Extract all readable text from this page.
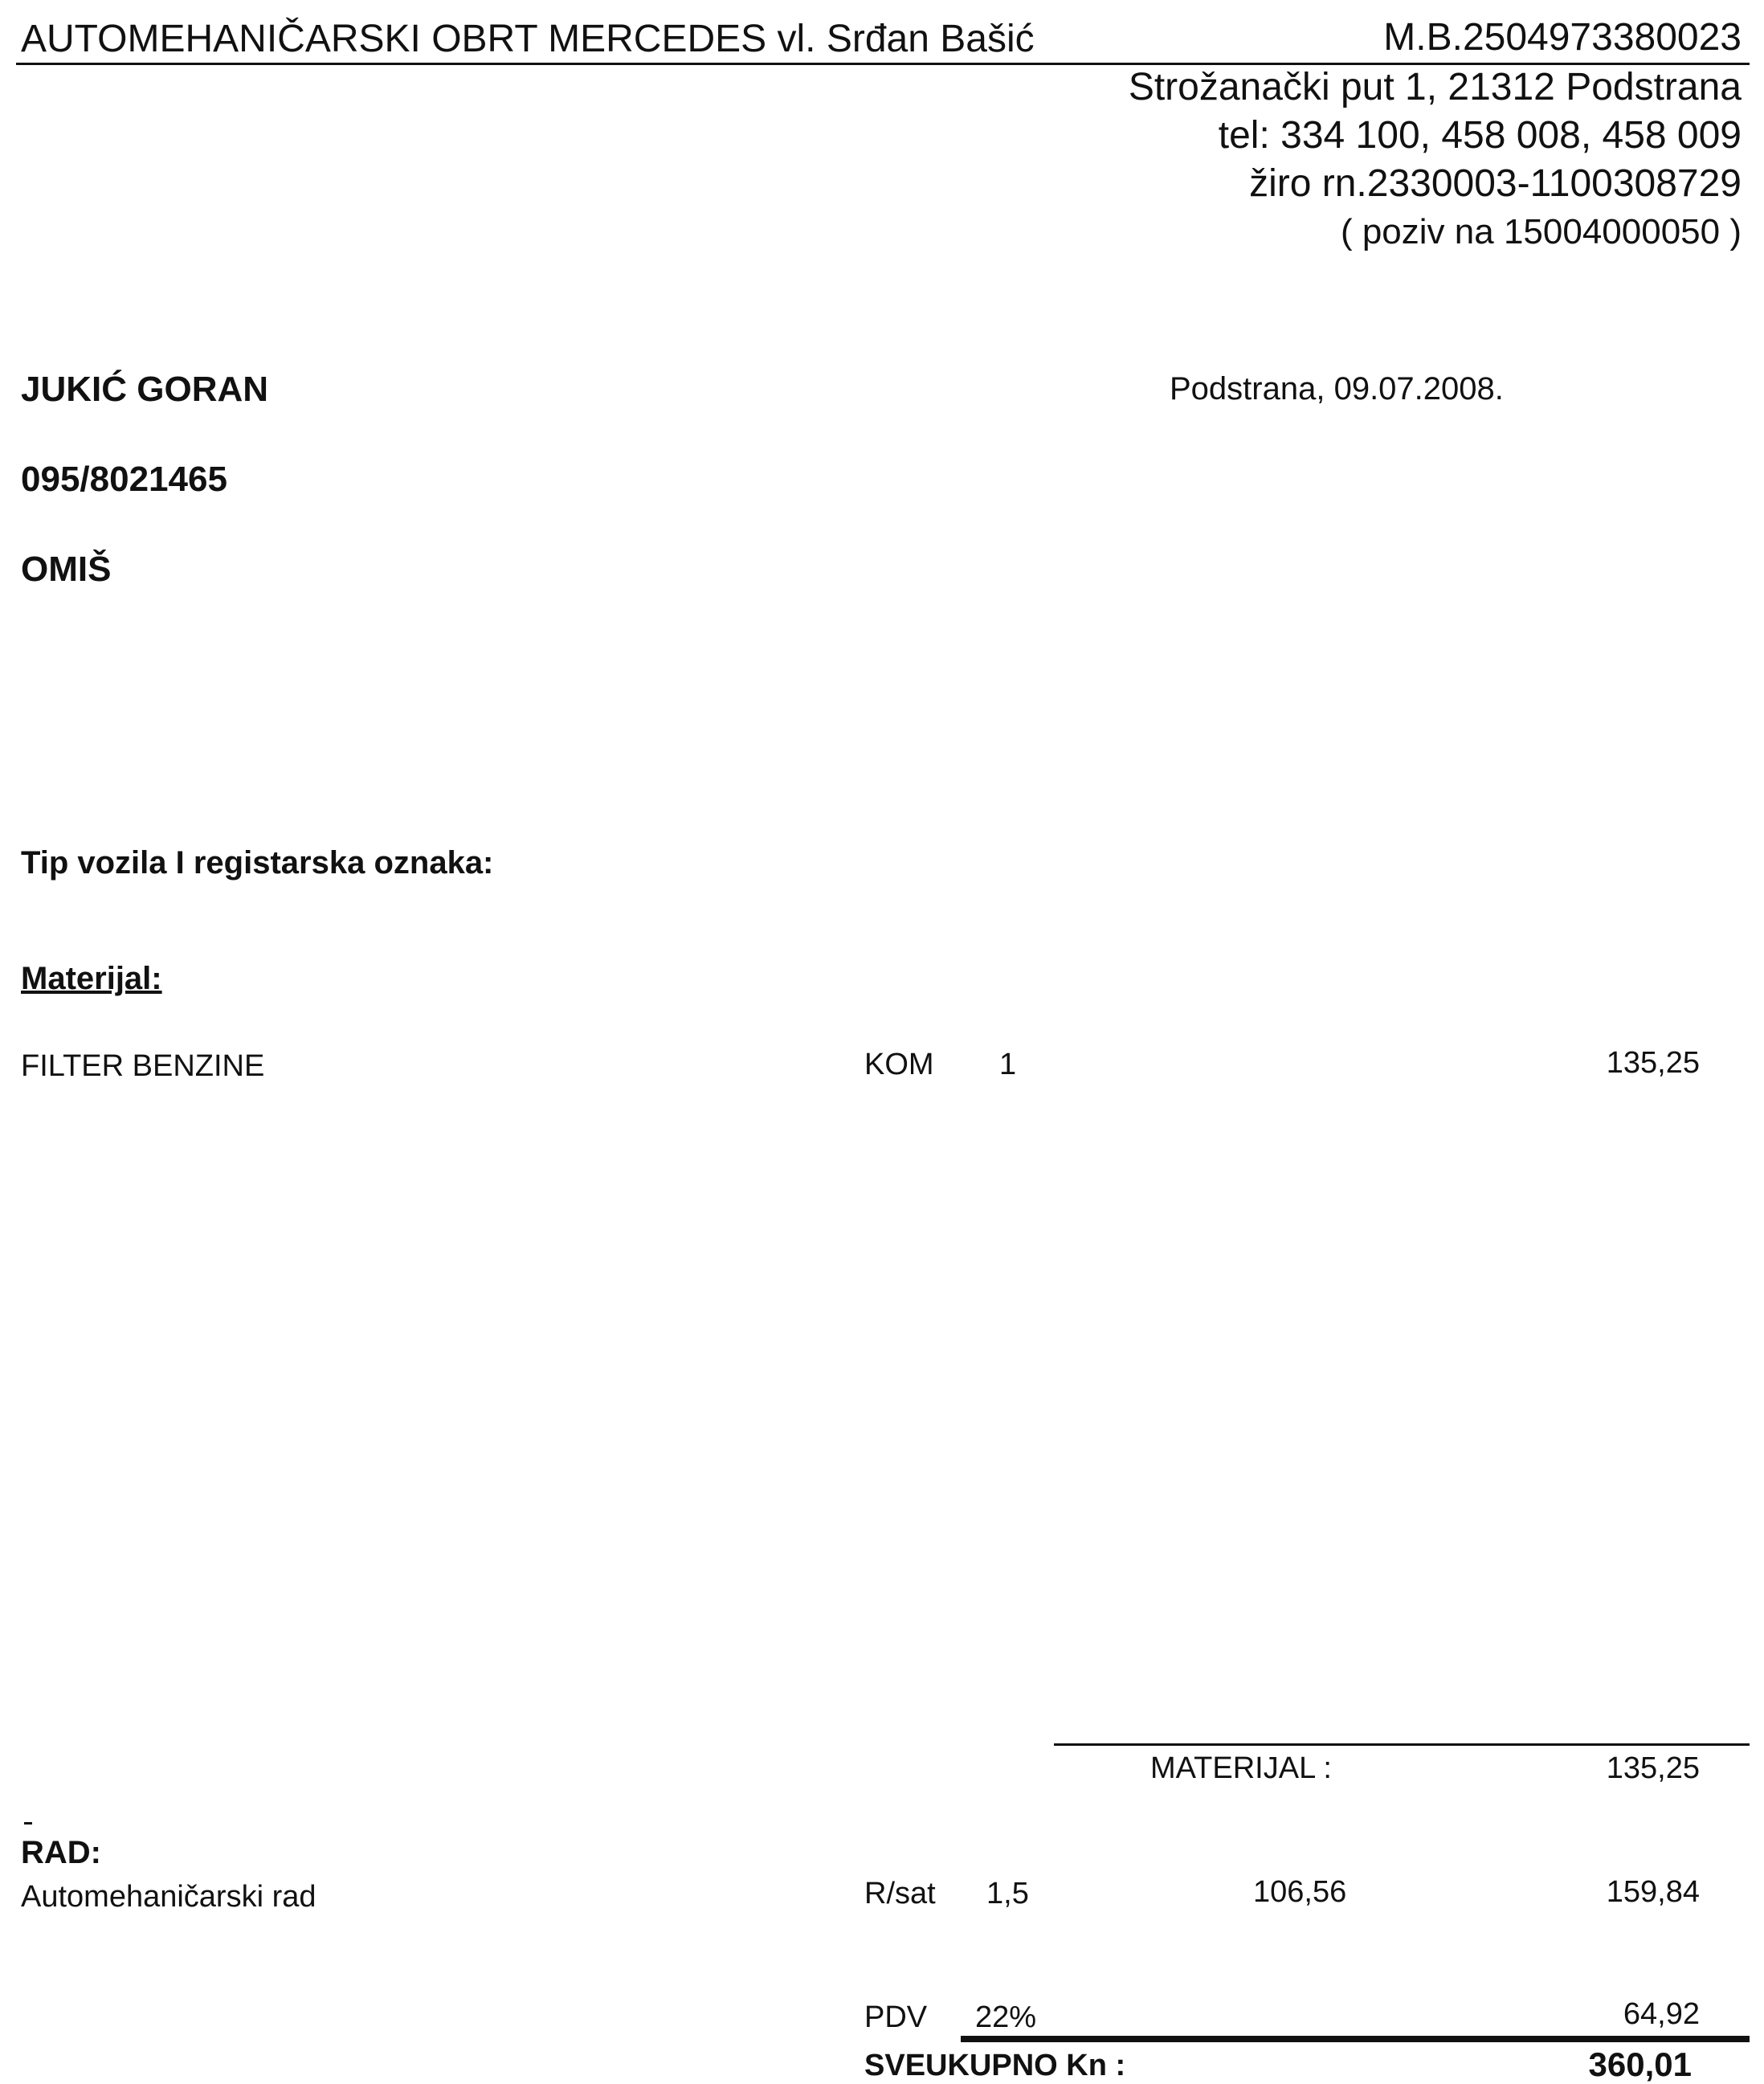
AUTOMEHANIČARSKI OBRT MERCEDES vl. Srđan Bašić	M.B.2504973380023
Strožanački put 1, 21312 Podstrana
tel: 334 100, 458 008, 458 009
žiro rn.2330003-1100308729
( poziv na 15004000050 )
JUKIĆ GORAN
095/8021465
OMIŠ
Podstrana, 09.07.2008.
Tip vozila I registarska oznaka:
Materijal:
FILTER BENZINE	KOM 1	135,25
MATERIJAL :	135,25
RAD:
Automehaničarski rad	R/sat 1,5	106,56	159,84
PDV 22%	64,92
SVEUKUPNO Kn :	360,01
